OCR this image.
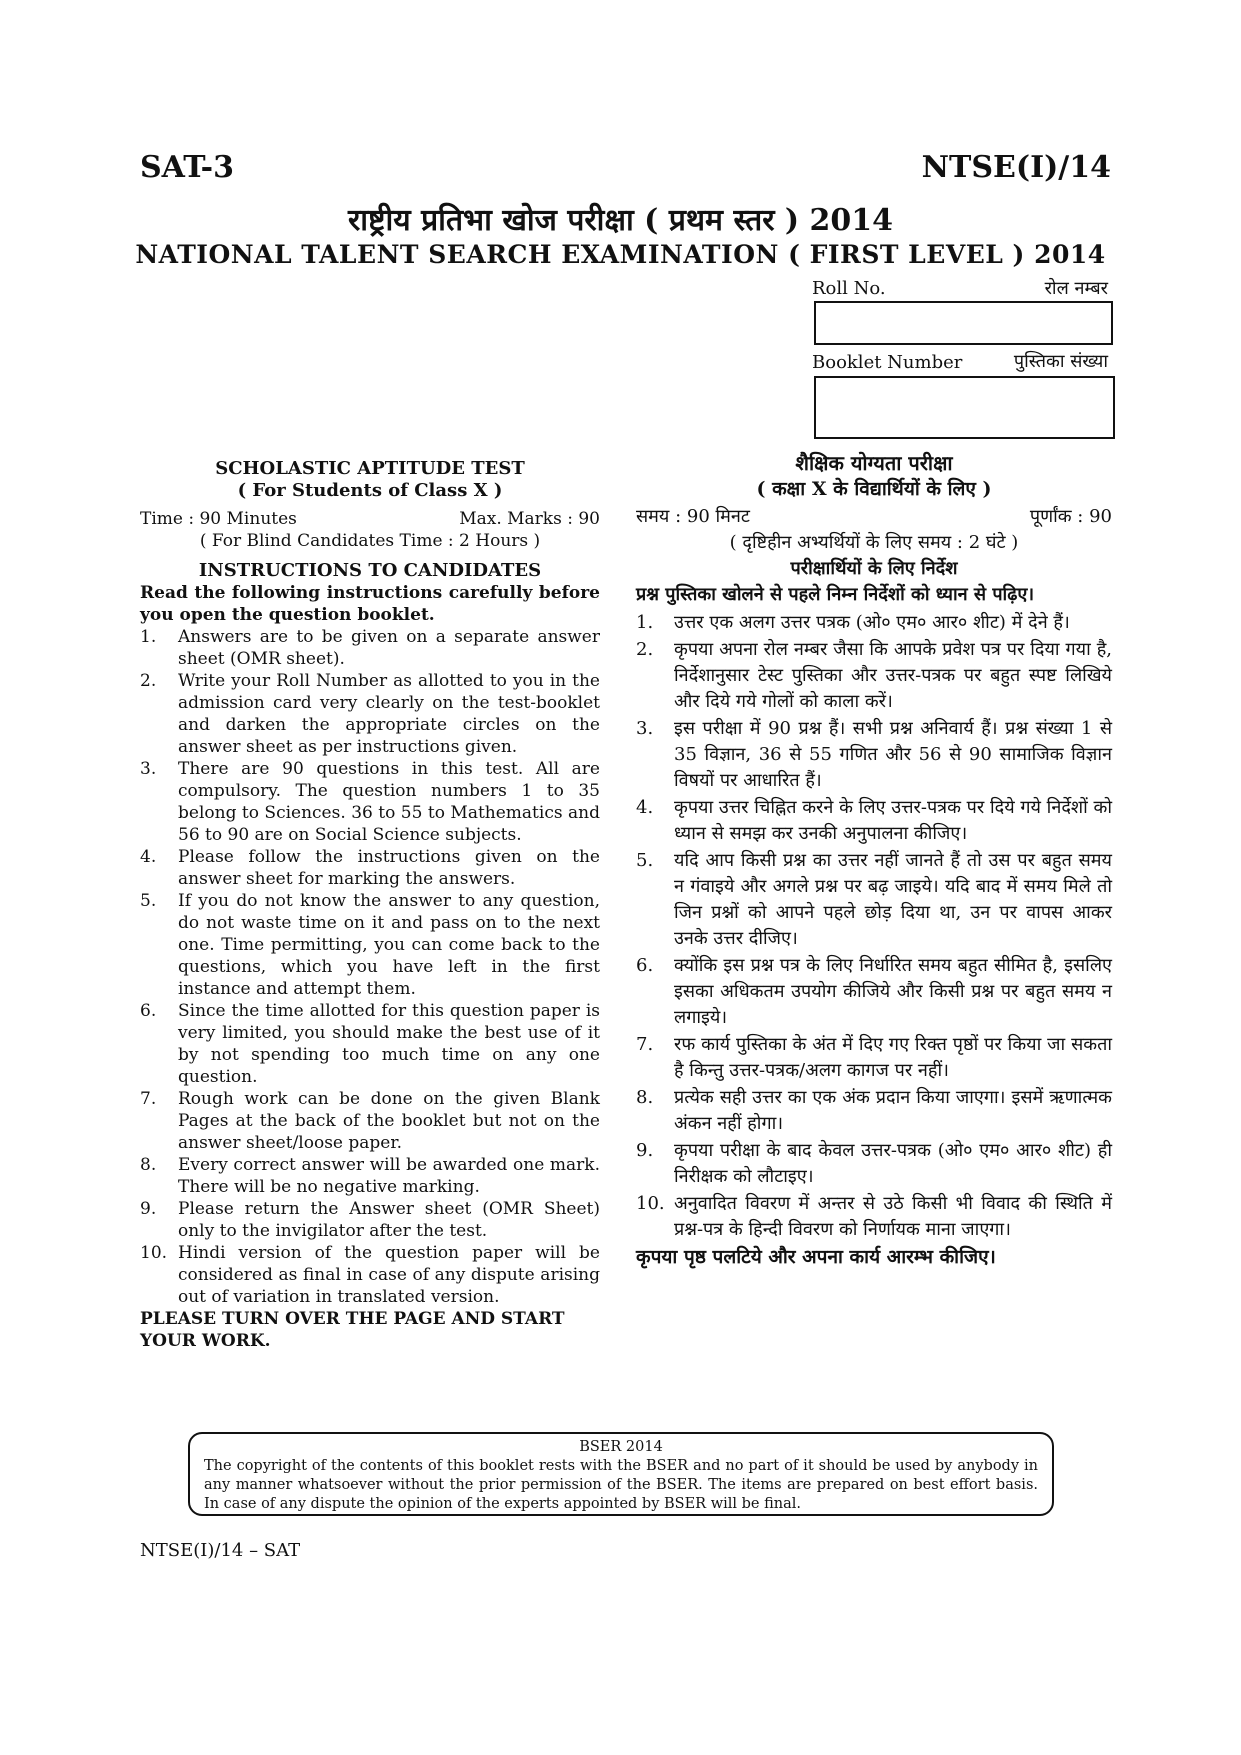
SAT-3	NTSE(I)/14
राष्ट्रीय प्रतिभा खोज परीक्षा ( प्रथम स्तर ) 2014
NATIONAL TALENT SEARCH EXAMINATION ( FIRST LEVEL ) 2014
Roll No.	रोल नम्बर
Booklet Number	पुस्तिका संख्या
SCHOLASTIC APTITUDE TEST
( For Students of Class X )
Time : 90 Minutes	Max. Marks : 90
( For Blind Candidates Time : 2 Hours )
INSTRUCTIONS TO CANDIDATES
Read the following instructions carefully before you open the question booklet.
1.	Answers are to be given on a separate answer sheet (OMR sheet).
2.	Write your Roll Number as allotted to you in the admission card very clearly on the test-booklet and darken the appropriate circles on the answer sheet as per instructions given.
3.	There are 90 questions in this test. All are compulsory. The question numbers 1 to 35 belong to Sciences. 36 to 55 to Mathematics and 56 to 90 are on Social Science subjects.
4.	Please follow the instructions given on the answer sheet for marking the answers.
5.	If you do not know the answer to any question, do not waste time on it and pass on to the next one. Time permitting, you can come back to the questions, which you have left in the first instance and attempt them.
6.	Since the time allotted for this question paper is very limited, you should make the best use of it by not spending too much time on any one question.
7.	Rough work can be done on the given Blank Pages at the back of the booklet but not on the answer sheet/loose paper.
8.	Every correct answer will be awarded one mark. There will be no negative marking.
9.	Please return the Answer sheet (OMR Sheet) only to the invigilator after the test.
10. Hindi version of the question paper will be considered as final in case of any dispute arising out of variation in translated version.
PLEASE TURN OVER THE PAGE AND START YOUR WORK.
शैक्षिक योग्यता परीक्षा
( कक्षा X के विद्यार्थियों के लिए )
समय : 90 मिनट	पूर्णांक : 90
( दृष्टिहीन अभ्यर्थियों के लिए समय : 2 घंटे )
परीक्षार्थियों के लिए निर्देश
प्रश्न पुस्तिका खोलने से पहले निम्न निर्देशों को ध्यान से पढ़िए।
1.	उत्तर एक अलग उत्तर पत्रक (ओ० एम० आर० शीट) में देने हैं।
2.	कृपया अपना रोल नम्बर जैसा कि आपके प्रवेश पत्र पर दिया गया है, निर्देशानुसार टेस्ट पुस्तिका और उत्तर-पत्रक पर बहुत स्पष्ट लिखिये और दिये गये गोलों को काला करें।
3.	इस परीक्षा में 90 प्रश्न हैं। सभी प्रश्न अनिवार्य हैं। प्रश्न संख्या 1 से 35 विज्ञान, 36 से 55 गणित और 56 से 90 सामाजिक विज्ञान विषयों पर आधारित हैं।
4.	कृपया उत्तर चिह्नित करने के लिए उत्तर-पत्रक पर दिये गये निर्देशों को ध्यान से समझ कर उनकी अनुपालना कीजिए।
5.	यदि आप किसी प्रश्न का उत्तर नहीं जानते हैं तो उस पर बहुत समय न गंवाइये और अगले प्रश्न पर बढ़ जाइये। यदि बाद में समय मिले तो जिन प्रश्नों को आपने पहले छोड़ दिया था, उन पर वापस आकर उनके उत्तर दीजिए।
6.	क्योंकि इस प्रश्न पत्र के लिए निर्धारित समय बहुत सीमित है, इसलिए इसका अधिकतम उपयोग कीजिये और किसी प्रश्न पर बहुत समय न लगाइये।
7.	रफ कार्य पुस्तिका के अंत में दिए गए रिक्त पृष्ठों पर किया जा सकता है किन्तु उत्तर-पत्रक/अलग कागज पर नहीं।
8.	प्रत्येक सही उत्तर का एक अंक प्रदान किया जाएगा। इसमें ऋणात्मक अंकन नहीं होगा।
9.	कृपया परीक्षा के बाद केवल उत्तर-पत्रक (ओ० एम० आर० शीट) ही निरीक्षक को लौटाइए।
10. अनुवादित विवरण में अन्तर से उठे किसी भी विवाद की स्थिति में प्रश्न-पत्र के हिन्दी विवरण को निर्णायक माना जाएगा।
कृपया पृष्ठ पलटिये और अपना कार्य आरम्भ कीजिए।
BSER 2014
The copyright of the contents of this booklet rests with the BSER and no part of it should be used by anybody in any manner whatsoever without the prior permission of the BSER. The items are prepared on best effort basis. In case of any dispute the opinion of the experts appointed by BSER will be final.
NTSE(I)/14 – SAT
